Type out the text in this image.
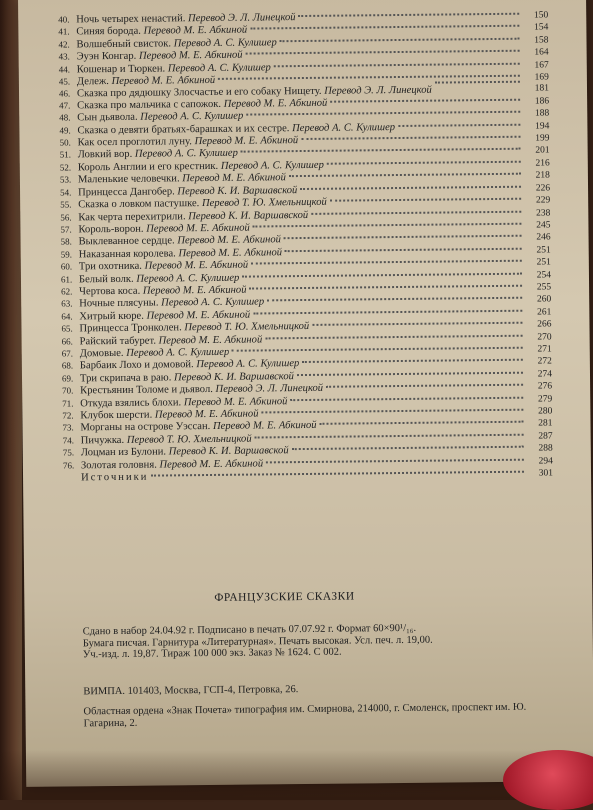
40. Ночь четырех ненастий. Перевод Э. Л. Линецкой	150
41. Синяя борода. Перевод М. Е. Абкиной	154
42. Волшебный свисток. Перевод А. С. Кулишер	158
43. Эуэн Конгар. Перевод М. Е. Абкиной	164
44. Кошенар и Тюркен. Перевод А. С. Кулишер	167
45. Дележ. Перевод М. Е. Абкиной	169
46. Сказка про дядюшку Злосчастье и его собаку Нищету. Перевод Э. Л. Линецкой	181
47. Сказка про мальчика с сапожок. Перевод М. Е. Абкиной	186
48. Сын дьявола. Перевод А. С. Кулишер	188
49. Сказка о девяти братьях-барашках и их сестре. Перевод А. С. Кулишер	194
50. Как осел проглотил луну. Перевод М. Е. Абкиной	199
51. Ловкий вор. Перевод А. С. Кулишер	201
52. Король Англии и его крестник. Перевод А. С. Кулишер	216
53. Маленькие человечки. Перевод М. Е. Абкиной	218
54. Принцесса Дангобер. Перевод К. И. Варшавской	226
55. Сказка о ловком пастушке. Перевод Т. Ю. Хмельницкой	229
56. Как черта перехитрили. Перевод К. И. Варшавской	238
57. Король-ворон. Перевод М. Е. Абкиной	245
58. Выклеванное сердце. Перевод М. Е. Абкиной	246
59. Наказанная королева. Перевод М. Е. Абкиной	251
60. Три охотника. Перевод М. Е. Абкиной	251
61. Белый волк. Перевод А. С. Кулишер	254
62. Чертова коса. Перевод М. Е. Абкиной	255
63. Ночные плясуны. Перевод А. С. Кулишер	260
64. Хитрый кюре. Перевод М. Е. Абкиной	261
65. Принцесса Тронколен. Перевод Т. Ю. Хмельницкой	266
66. Райский табурет. Перевод М. Е. Абкиной	270
67. Домовые. Перевод А. С. Кулишер	271
68. Барбаик Лохо и домовой. Перевод А. С. Кулишер	272
69. Три скрипача в раю. Перевод К. И. Варшавской	274
70. Крестьянин Толоме и дьявол. Перевод Э. Л. Линецкой	276
71. Откуда взялись блохи. Перевод М. Е. Абкиной	279
72. Клубок шерсти. Перевод М. Е. Абкиной	280
73. Морганы на острове Уэссан. Перевод М. Е. Абкиной	281
74. Пичужка. Перевод Т. Ю. Хмельницкой	287
75. Лоцман из Булони. Перевод К. И. Варшавской	288
76. Золотая головня. Перевод М. Е. Абкиной	294
Источники	301
ФРАНЦУЗСКИЕ СКАЗКИ

Сдано в набор 24.04.92 г. Подписано в печать 07.07.92 г. Формат 60×90¹/₁₆.

Бумага писчая. Гарнитура «Литературная». Печать высокая. Усл. печ. л. 19,00.

Уч.-изд. л. 19,87. Тираж 100 000 экз. Заказ № 1624. С 002.

ВИМПА. 101403, Москва, ГСП-4, Петровка, 26.

Областная ордена «Знак Почета» типография им. Смирнова, 214000, г. Смоленск, проспект им. Ю. Гагарина, 2.
